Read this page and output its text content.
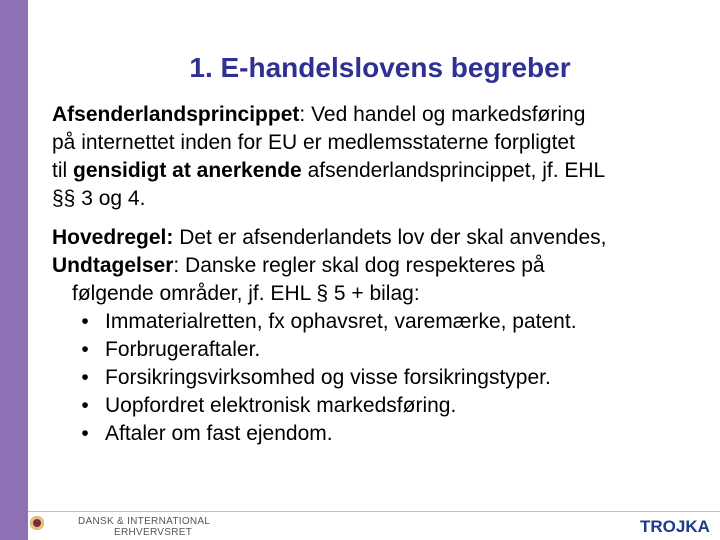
1. E-handelslovens begreber

Afsenderlandsprincippet: Ved handel og markedsføring
på internettet inden for EU er medlemsstaterne forpligtet
til gensidigt at anerkende afsenderlandsprincippet, jf. EHL
§§ 3 og 4.

Hovedregel: Det er afsenderlandets lov der skal anvendes,
Undtagelser: Danske regler skal dog respekteres på

følgende områder, jf. EHL § 5 + bilag:
• Immaterialretten, fx ophavsret, varemærke, patent.
• Forbrugeraftaler.
• Forsikringsvirksomhed og visse forsikringstyper.
• Uopfordret elektronisk markedsføring.
• Aftaler om fast ejendom.
DANSK & INTERNATIONAL
ERHVERVSRET	TROJKA
